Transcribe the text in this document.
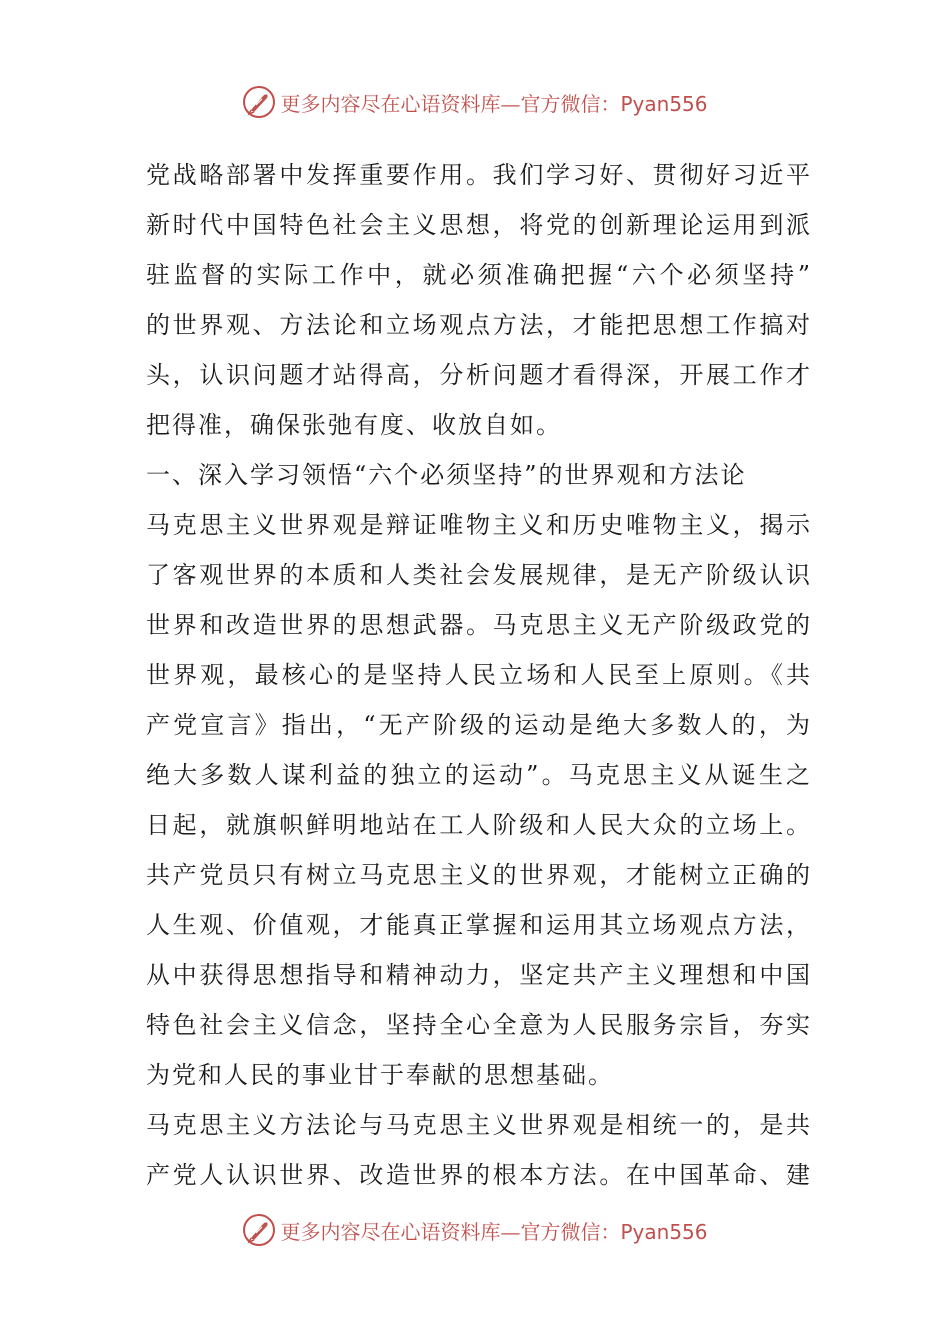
更多内容尽在心语资料库—官方微信：Pyan556
党战略部署中发挥重要作用。我们学习好、贯彻好习近平
新时代中国特色社会主义思想，将党的创新理论运用到派
驻监督的实际工作中，就必须准确把握“六个必须坚持”
的世界观、方法论和立场观点方法，才能把思想工作搞对
头，认识问题才站得高，分析问题才看得深，开展工作才
把得准，确保张弛有度、收放自如。
一、深入学习领悟“六个必须坚持”的世界观和方法论
马克思主义世界观是辩证唯物主义和历史唯物主义，揭示
了客观世界的本质和人类社会发展规律，是无产阶级认识
世界和改造世界的思想武器。马克思主义无产阶级政党的
世界观，最核心的是坚持人民立场和人民至上原则。《共
产党宣言》指出，“无产阶级的运动是绝大多数人的，为
绝大多数人谋利益的独立的运动”。马克思主义从诞生之
日起，就旗帜鲜明地站在工人阶级和人民大众的立场上。
共产党员只有树立马克思主义的世界观，才能树立正确的
人生观、价值观，才能真正掌握和运用其立场观点方法，
从中获得思想指导和精神动力，坚定共产主义理想和中国
特色社会主义信念，坚持全心全意为人民服务宗旨，夯实
为党和人民的事业甘于奉献的思想基础。
马克思主义方法论与马克思主义世界观是相统一的，是共
产党人认识世界、改造世界的根本方法。在中国革命、建
更多内容尽在心语资料库—官方微信：Pyan556
